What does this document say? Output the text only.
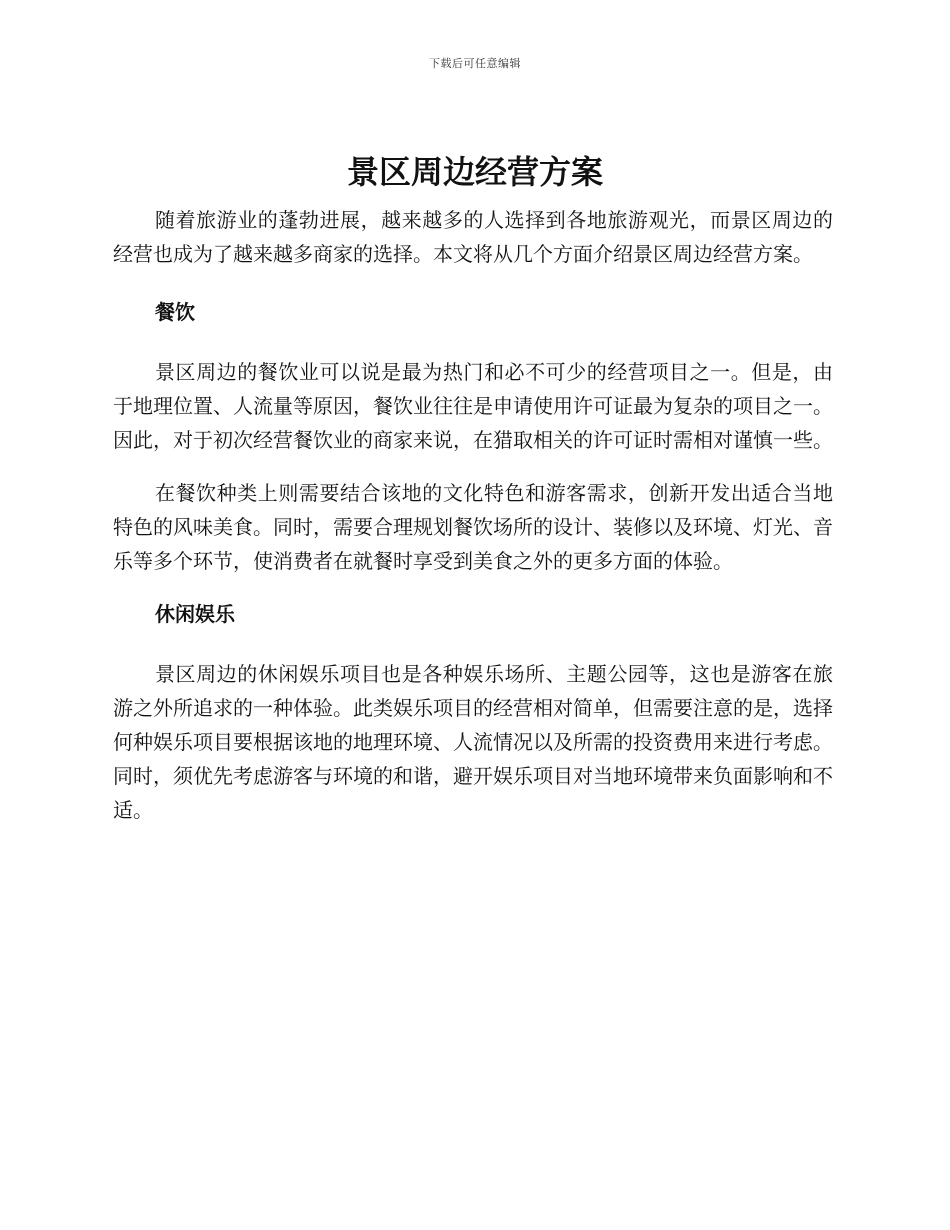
下载后可任意编辑
景区周边经营方案

随着旅游业的蓬勃进展，越来越多的人选择到各地旅游观光，而景区周边的经营也成为了越来越多商家的选择。本文将从几个方面介绍景区周边经营方案。

餐饮

景区周边的餐饮业可以说是最为热门和必不可少的经营项目之一。但是，由于地理位置、人流量等原因，餐饮业往往是申请使用许可证最为复杂的项目之一。因此，对于初次经营餐饮业的商家来说，在猎取相关的许可证时需相对谨慎一些。

在餐饮种类上则需要结合该地的文化特色和游客需求，创新开发出适合当地特色的风味美食。同时，需要合理规划餐饮场所的设计、装修以及环境、灯光、音乐等多个环节，使消费者在就餐时享受到美食之外的更多方面的体验。

休闲娱乐

景区周边的休闲娱乐项目也是各种娱乐场所、主题公园等，这也是游客在旅游之外所追求的一种体验。此类娱乐项目的经营相对简单，但需要注意的是，选择何种娱乐项目要根据该地的地理环境、人流情况以及所需的投资费用来进行考虑。同时，须优先考虑游客与环境的和谐，避开娱乐项目对当地环境带来负面影响和不适。
